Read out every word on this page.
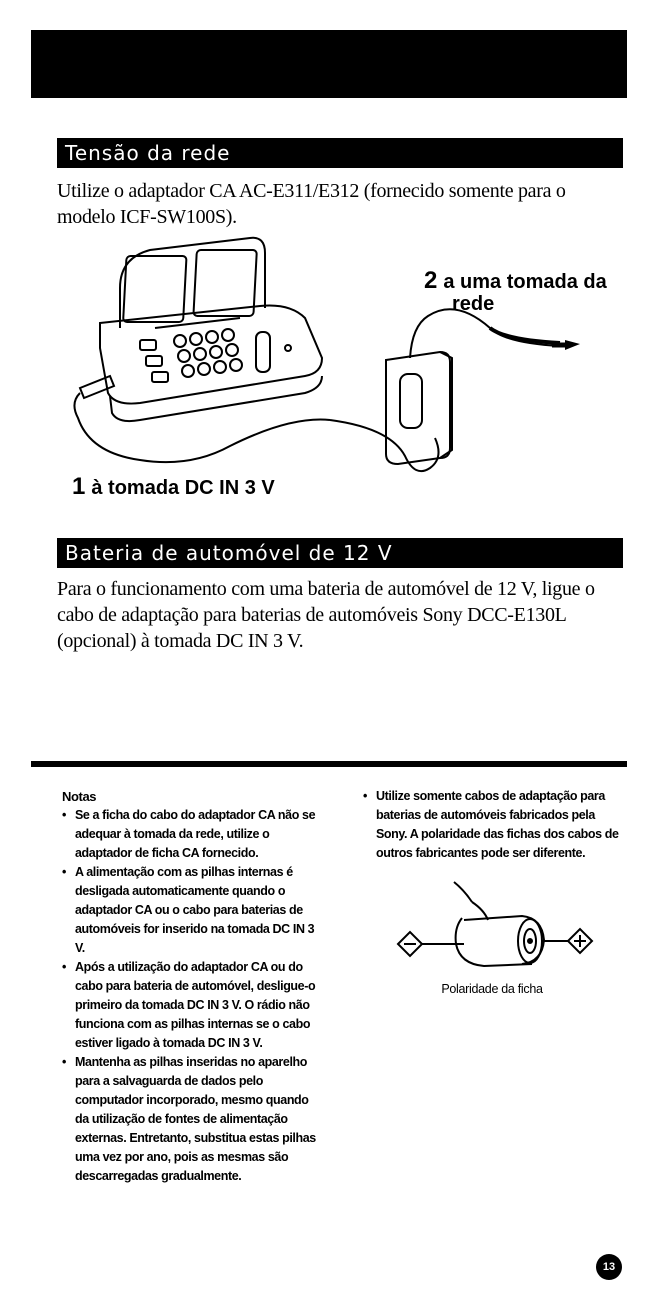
Tensão da rede
Utilize o adaptador CA AC-E311/E312 (fornecido somente para o modelo ICF-SW100S).
2 a uma tomada da
rede
1 à tomada DC IN 3 V
Bateria de automóvel de 12 V
Para o funcionamento com uma bateria de automóvel de 12 V, ligue o cabo de adaptação para baterias de automóveis Sony DCC-E130L (opcional) à tomada DC IN 3 V.
Notas
• Se a ficha do cabo do adaptador CA não se adequar à tomada da rede, utilize o adaptador de ficha CA fornecido.
• A alimentação com as pilhas internas é desligada automaticamente quando o adaptador CA ou o cabo para baterias de automóveis for inserido na tomada DC IN 3 V.
• Após a utilização do adaptador CA ou do cabo para bateria de automóvel, desligue-o primeiro da tomada DC IN 3 V. O rádio não funciona com as pilhas internas se o cabo estiver ligado à tomada DC IN 3 V.
• Mantenha as pilhas inseridas no aparelho para a salvaguarda de dados pelo computador incorporado, mesmo quando da utilização de fontes de alimentação externas. Entretanto, substitua estas pilhas uma vez por ano, pois as mesmas são descarregadas gradualmente.
• Utilize somente cabos de adaptação para baterias de automóveis fabricados pela Sony. A polaridade das fichas dos cabos de outros fabricantes pode ser diferente.
Polaridade da ficha
13
